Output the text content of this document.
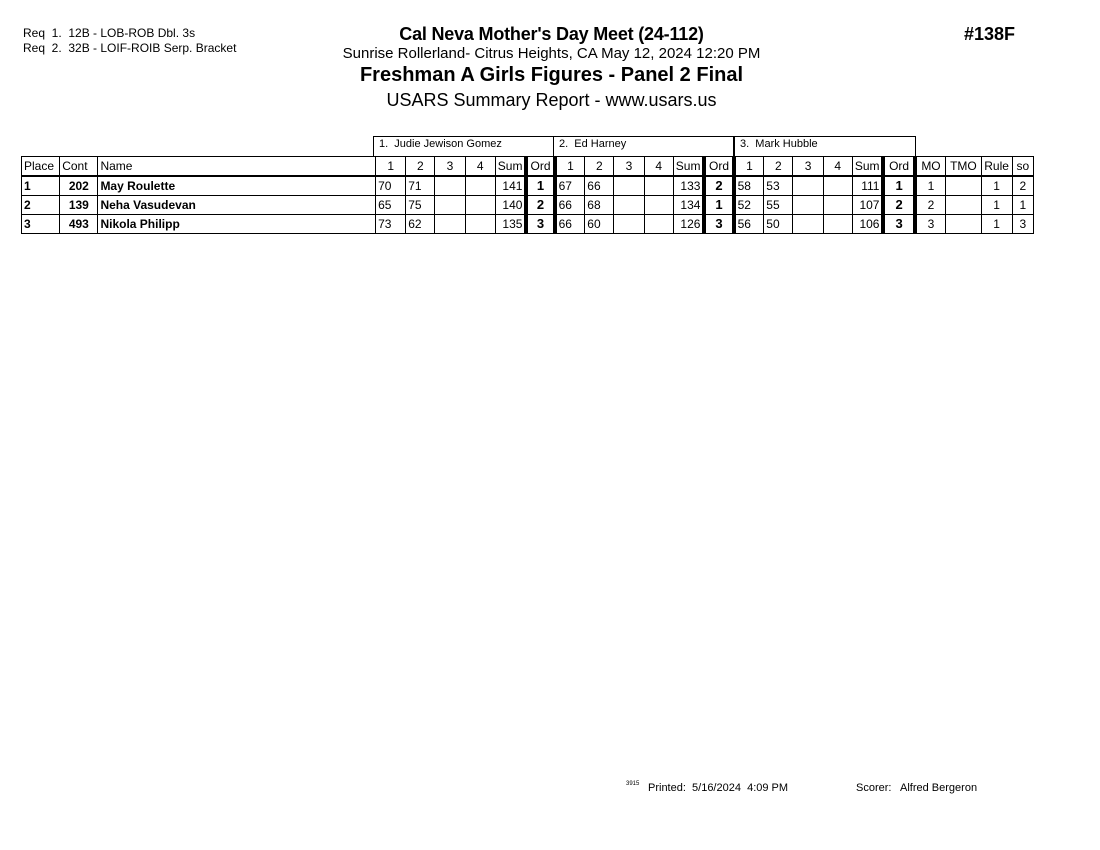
Req  1.  12B - LOB-ROB Dbl. 3s
Req  2.  32B - LOIF-ROIB Serp. Bracket
Cal Neva Mother's Day Meet (24-112)
Sunrise Rollerland- Citrus Heights, CA May 12, 2024 12:20 PM
Freshman A Girls Figures - Panel 2 Final
USARS Summary Report - www.usars.us
#138F
1.  Judie Jewison Gomez	2.  Ed Harney	3.  Mark Hubble
Place	Cont	Name	1	2	3	4	Sum	Ord	1	2	3	4	Sum	Ord	1	2	3	4	Sum	Ord	MO	TMO	Rule	so
1	202	May Roulette	70	71			141	1	67	66			133	2	58	53			111	1	1		1	2
2	139	Neha Vasudevan	65	75			140	2	66	68			134	1	52	55			107	2	2		1	1
3	493	Nikola Philipp	73	62			135	3	66	60			126	3	56	50			106	3	3		1	3
3915 Printed:  5/16/2024  4:09 PM	Scorer:   Alfred Bergeron
